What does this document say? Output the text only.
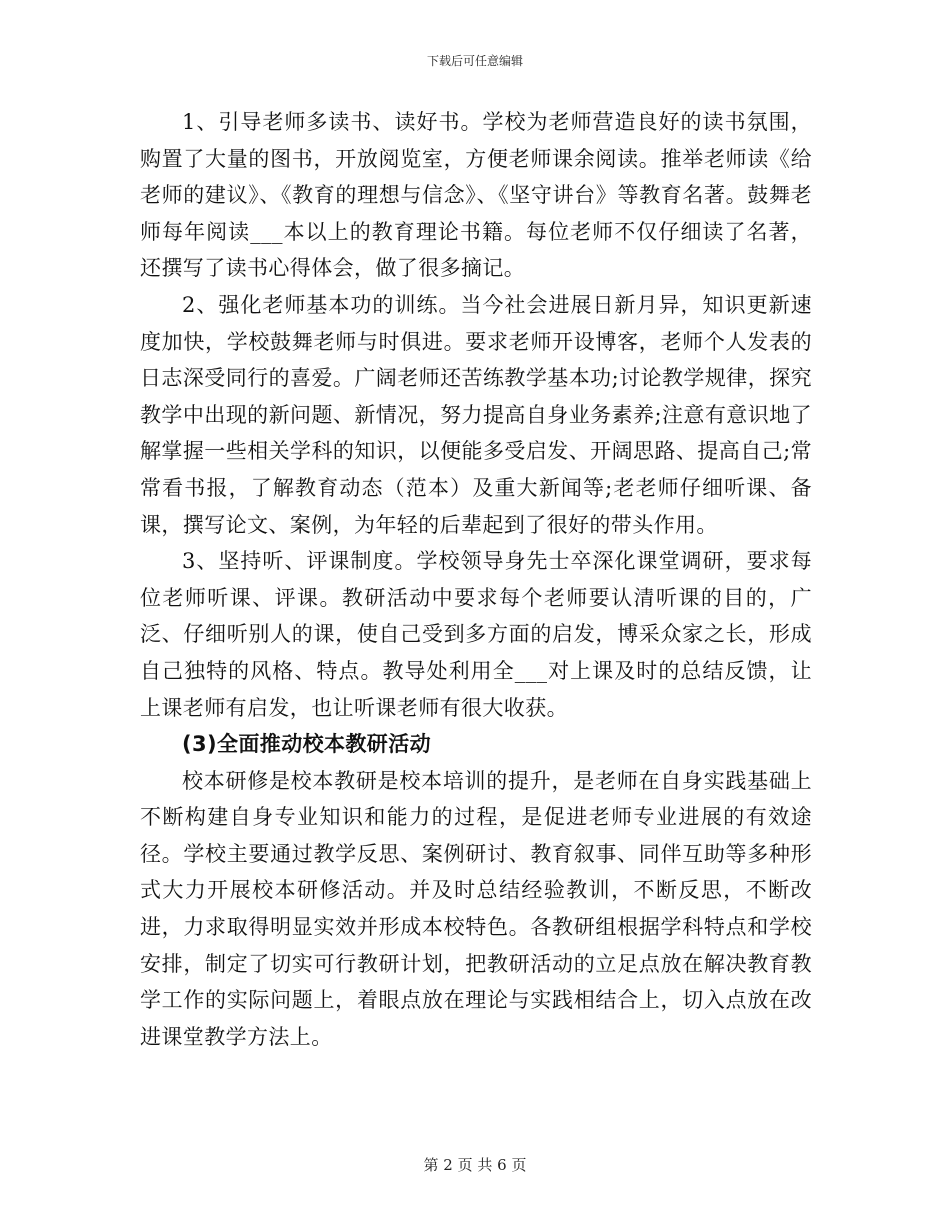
下载后可任意编辑

1、引导老师多读书、读好书。学校为老师营造良好的读书氛围，购置了大量的图书，开放阅览室，方便老师课余阅读。推举老师读《给老师的建议》、《教育的理想与信念》、《坚守讲台》等教育名著。鼓舞老师每年阅读___本以上的教育理论书籍。每位老师不仅仔细读了名著，还撰写了读书心得体会，做了很多摘记。

2、强化老师基本功的训练。当今社会进展日新月异，知识更新速度加快，学校鼓舞老师与时俱进。要求老师开设博客，老师个人发表的日志深受同行的喜爱。广阔老师还苦练教学基本功;讨论教学规律，探究教学中出现的新问题、新情况，努力提高自身业务素养;注意有意识地了解掌握一些相关学科的知识，以便能多受启发、开阔思路、提高自己;常常看书报，了解教育动态（范本）及重大新闻等;老老师仔细听课、备课，撰写论文、案例，为年轻的后辈起到了很好的带头作用。

3、坚持听、评课制度。学校领导身先士卒深化课堂调研，要求每位老师听课、评课。教研活动中要求每个老师要认清听课的目的，广泛、仔细听别人的课，使自己受到多方面的启发，博采众家之长，形成自己独特的风格、特点。教导处利用全___对上课及时的总结反馈，让上课老师有启发，也让听课老师有很大收获。

(3)全面推动校本教研活动

校本研修是校本教研是校本培训的提升，是老师在自身实践基础上不断构建自身专业知识和能力的过程，是促进老师专业进展的有效途径。学校主要通过教学反思、案例研讨、教育叙事、同伴互助等多种形式大力开展校本研修活动。并及时总结经验教训，不断反思，不断改进，力求取得明显实效并形成本校特色。各教研组根据学科特点和学校安排，制定了切实可行教研计划，把教研活动的立足点放在解决教育教学工作的实际问题上，着眼点放在理论与实践相结合上，切入点放在改进课堂教学方法上。

第 2 页 共 6 页
